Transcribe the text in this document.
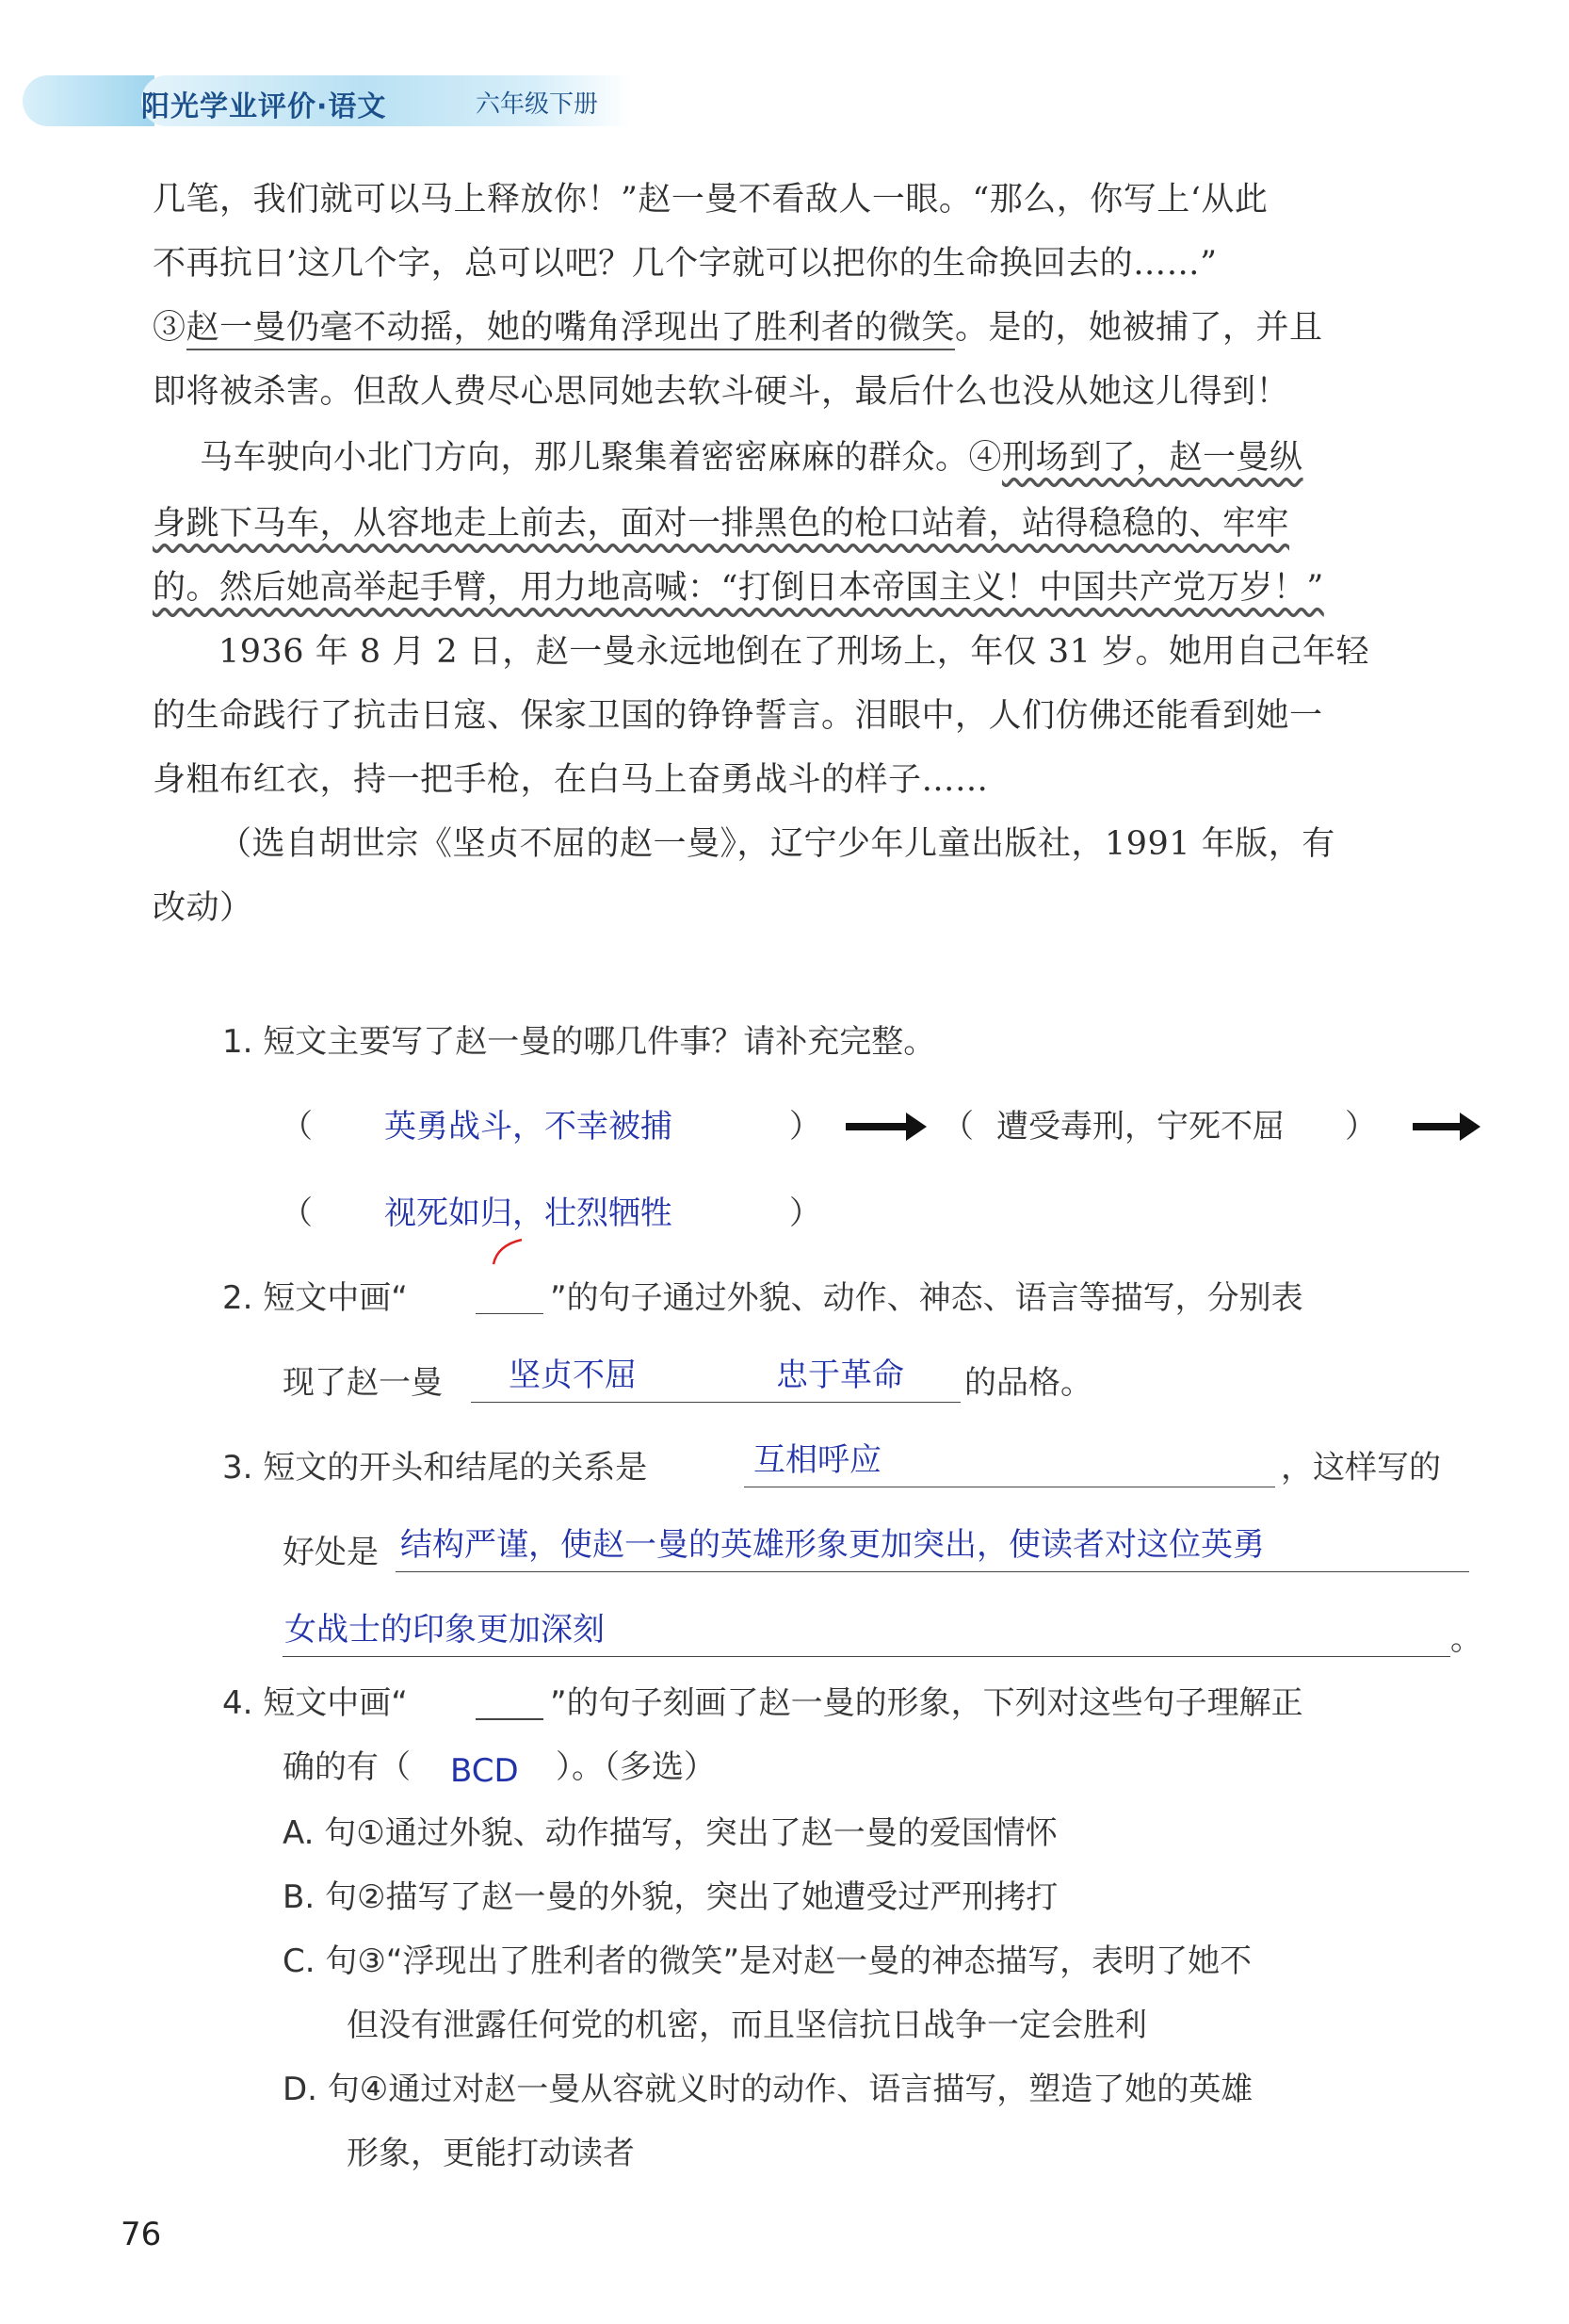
阳光学业评价·语文	六年级下册
几笔，我们就可以马上释放你！”赵一曼不看敌人一眼。“那么，你写上‘从此
不再抗日’这几个字，总可以吧？几个字就可以把你的生命换回去的……”
③赵一曼仍毫不动摇，她的嘴角浮现出了胜利者的微笑。是的，她被捕了，并且
即将被杀害。但敌人费尽心思同她去软斗硬斗，最后什么也没从她这儿得到！
马车驶向小北门方向，那儿聚集着密密麻麻的群众。④刑场到了，赵一曼纵
身跳下马车，从容地走上前去，面对一排黑色的枪口站着，站得稳稳的、牢牢
的。然后她高举起手臂，用力地高喊：“打倒日本帝国主义！中国共产党万岁！”
1936 年 8 月 2 日，赵一曼永远地倒在了刑场上，年仅 31 岁。她用自己年轻
的生命践行了抗击日寇、保家卫国的铮铮誓言。泪眼中，人们仿佛还能看到她一
身粗布红衣，持一把手枪，在白马上奋勇战斗的样子……
（选自胡世宗《坚贞不屈的赵一曼》，辽宁少年儿童出版社，1991 年版，有
改动）
1. 短文主要写了赵一曼的哪几件事？请补充完整。
（ 英勇战斗，不幸被捕	）	（ 遭受毒刑，宁死不屈 ）
（ 视死如归，壮烈牺牲	）
2. 短文中画“	”的句子通过外貌、动作、神态、语言等描写，分别表
现了赵一曼 坚贞不屈	忠于革命 的品格。
3. 短文的开头和结尾的关系是	互相呼应	，这样写的
好处是 结构严谨，使赵一曼的英雄形象更加突出，使读者对这位英勇
女战士的印象更加深刻	。
4. 短文中画“	”的句子刻画了赵一曼的形象，下列对这些句子理解正
确的有（ BCD ）。（多选）
A. 句①通过外貌、动作描写，突出了赵一曼的爱国情怀
B. 句②描写了赵一曼的外貌，突出了她遭受过严刑拷打
C. 句③“浮现出了胜利者的微笑”是对赵一曼的神态描写，表明了她不
但没有泄露任何党的机密，而且坚信抗日战争一定会胜利
D. 句④通过对赵一曼从容就义时的动作、语言描写，塑造了她的英雄
形象，更能打动读者
76
